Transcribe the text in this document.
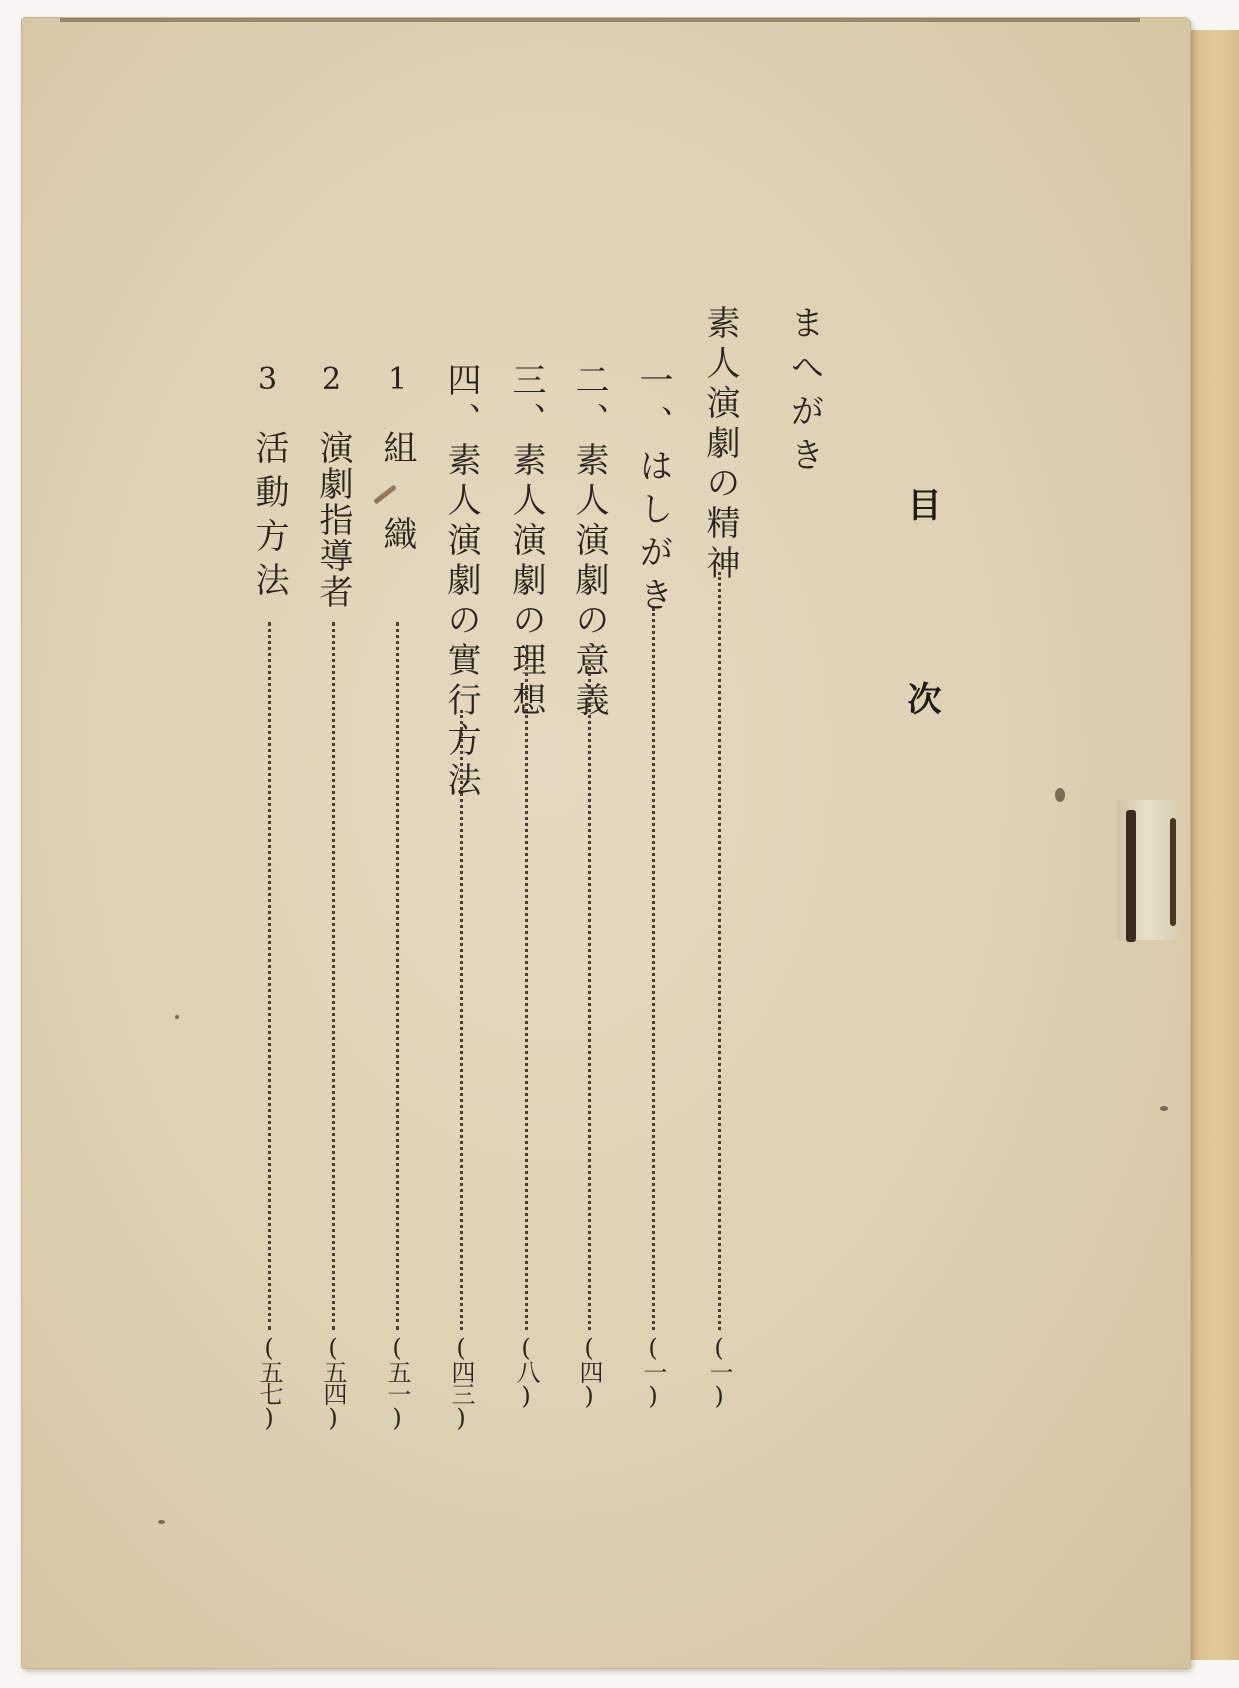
目 次
まへがき
素人演劇の精神
(一)
一、はしがき
(一)
二、素人演劇の意義
(四)
三、素人演劇の理想
(八)
四、素人演劇の實行方法
(四三)
1
組 織
(五一)
2
演劇指導者
(五四)
3
活動方法
(五七)
